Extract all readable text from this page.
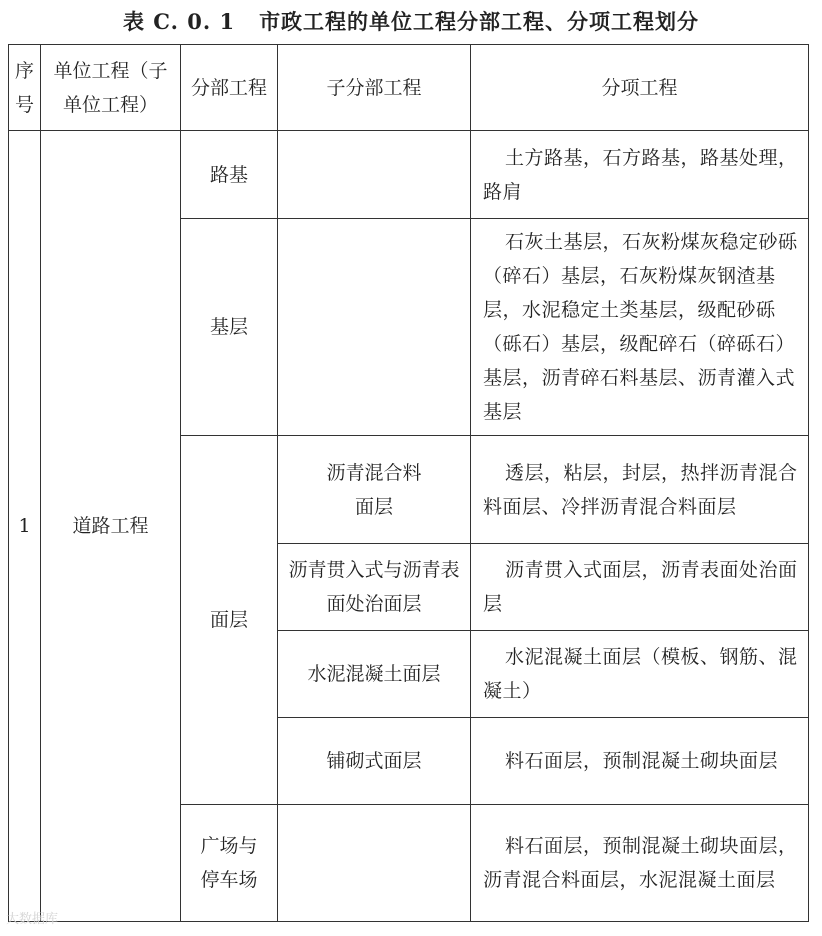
表 C. 0. 1 市政工程的单位工程分部工程、分项工程划分
序号	单位工程（子单位工程）	分部工程	子分部工程	分项工程
1	道路工程	路基		土方路基，石方路基，路基处理，路肩
		基层		石灰土基层，石灰粉煤灰稳定砂砾（碎石）基层，石灰粉煤灰钢渣基层，水泥稳定土类基层，级配砂砾（砾石）基层，级配碎石（碎砾石）基层，沥青碎石料基层、沥青灌入式基层
		面层	沥青混合料面层	透层，粘层，封层，热拌沥青混合料面层、冷拌沥青混合料面层

			沥青贯入式与沥青表面处治面层	沥青贯入式面层，沥青表面处治面层
			水泥混凝土面层	水泥混凝土面层（模板、钢筋、混凝土）
			铺砌式面层	料石面层，预制混凝土砌块面层

		广场与停车场		料石面层，预制混凝土砌块面层，沥青混合料面层，水泥混凝土面层
大数据库
